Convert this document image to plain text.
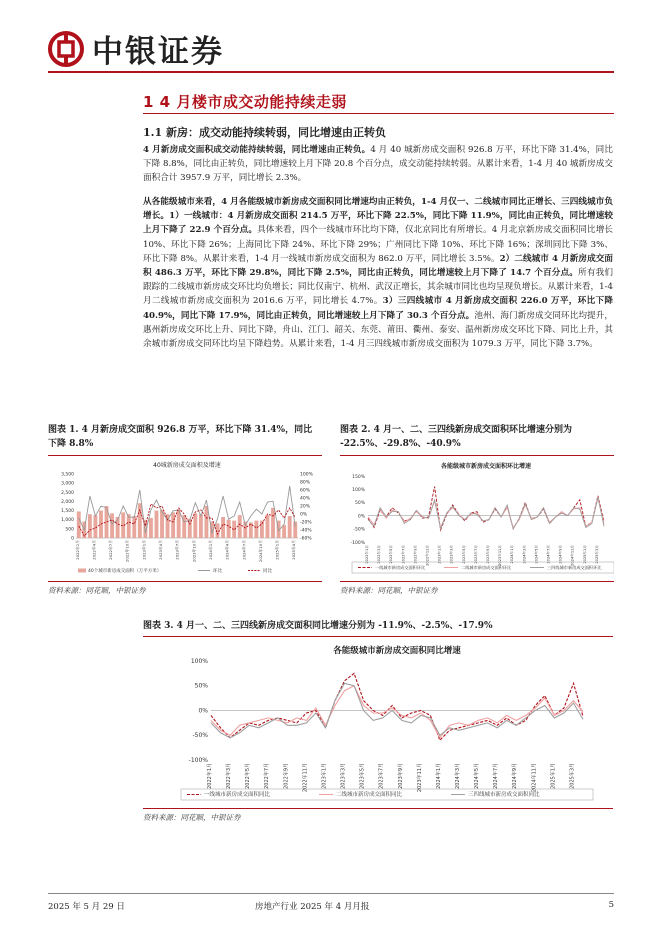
中银证券
1 4 月楼市成交动能持续走弱
1.1 新房：成交动能持续转弱，同比增速由正转负
4 月新房成交面积成交动能持续转弱，同比增速由正转负。4 月 40 城新房成交面积 926.8 万平，环比下降 31.4%，同比下降 8.8%，同比由正转负，同比增速较上月下降 20.8 个百分点，成交动能持续转弱。从累计来看，1-4 月 40 城新房成交面积合计 3957.9 万平，同比增长 2.3%。
从各能级城市来看，4 月各能级城市新房成交面积同比增速均由正转负，1-4 月仅一、二线城市同比正增长、三四线城市负增长。1）一线城市：4 月新房成交面积 214.5 万平，环比下降 22.5%，同比下降 11.9%，同比由正转负，同比增速较上月下降了 22.9 个百分点。具体来看，四个一线城市环比均下降，仅北京同比有所增长。4 月北京新房成交面积同比增长 10%、环比下降 26%；上海同比下降 24%、环比下降 29%；广州同比下降 10%、环比下降 16%；深圳同比下降 3%、环比下降 8%。从累计来看，1-4 月一线城市新房成交面积为 862.0 万平，同比增长 3.5%。2）二线城市 4 月新房成交面积 486.3 万平，环比下降 29.8%，同比下降 2.5%，同比由正转负，同比增速较上月下降了 14.7 个百分点。所有我们跟踪的二线城市新房成交环比均负增长；同比仅南宁、杭州、武汉正增长，其余城市同比也均呈现负增长。从累计来看，1-4 月二线城市新房成交面积为 2016.6 万平，同比增长 4.7%。3）三四线城市 4 月新房成交面积 226.0 万平，环比下降 40.9%，同比下降 17.9%，同比由正转负，同比增速较上月下降了 30.3 个百分点。池州、海门新房成交同环比均提升，惠州新房成交环比上升、同比下降，舟山、江门、韶关、东莞、莆田、衢州、泰安、温州新房成交环比下降、同比上升，其余城市新房成交同环比均呈下降趋势。从累计来看，1-4 月三四线城市新房成交面积为 1079.3 万平，同比下降 3.7%。
图表 1. 4 月新房成交面积 926.8 万平，环比下降 31.4%，同比下降 8.8%
40城新房成交面积及增速
0
500
1,000
1,500
2,000
2,500
3,000
3,500
-60%
-40%
-20%
0%
20%
40%
60%
80%
100%
2022年1月	2022年4月	2022年7月	2022年10月	2023年1月	2023年4月	2023年7月	2023年10月	2024年1月	2024年4月	2024年7月	2024年10月	2025年1月	2025年4月
40个城市新房成交面积（万平方米）	环比	同比
资料来源：同花顺，中银证券
图表 2. 4 月一、二、三四线新房成交面积环比增速分别为 -22.5%、-29.8%、-40.9%
各能级城市新房成交面积环比增速
150%
100%
50%
0%
-50%
-100%
2022年1月 2022年3月 2022年5月 2022年7月 2022年9月 2022年11月 2023年1月 2023年3月 2023年5月 2023年7月 2023年9月 2023年11月 2024年1月 2024年3月 2024年5月 2024年7月 2024年9月 2024年11月 2025年1月 2025年3月
一线城市新房成交面积环比	二线城市新房成交面积环比	三四线城市新房成交面积环比
资料来源：同花顺，中银证券
图表 3. 4 月一、二、三四线新房成交面积同比增速分别为 -11.9%、-2.5%、-17.9%
各能级城市新房成交面积同比增速
100%
50%
0%
-50%
-100%
2022年1月	2022年3月	2022年5月	2022年7月	2022年9月	2022年11月	2023年1月	2023年3月	2023年5月	2023年7月	2023年9月	2023年11月	2024年1月	2024年3月	2024年5月	2024年7月	2024年9月	2024年11月	2025年1月	2025年3月
一线城市新房成交面积同比	二线城市新房成交面积同比	三四线城市新房成交面积同比
资料来源：同花顺，中银证券
2025 年 5 月 29 日	房地产行业 2025 年 4 月月报	5
